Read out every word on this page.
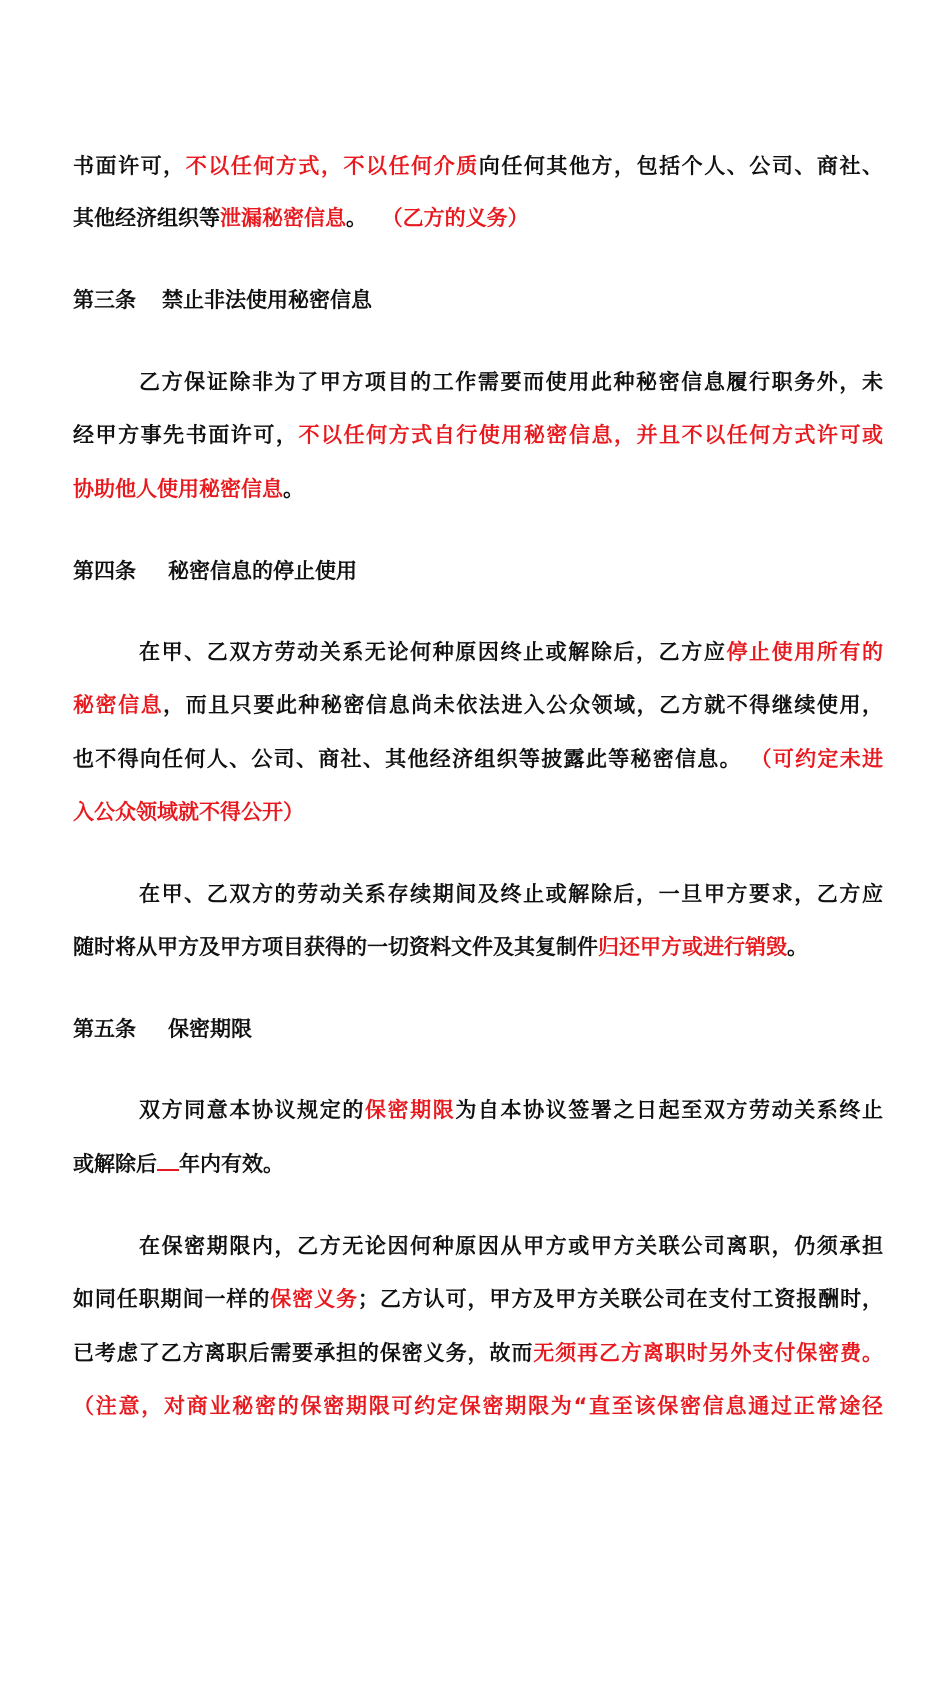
书面许可，不以任何方式，不以任何介质向任何其他方，包括个人、公司、商社、
其他经济组织等泄漏秘密信息。 （乙方的义务）
第三条 禁止非法使用秘密信息
乙方保证除非为了甲方项目的工作需要而使用此种秘密信息履行职务外，未
经甲方事先书面许可，不以任何方式自行使用秘密信息，并且不以任何方式许可或
协助他人使用秘密信息。
第四条 秘密信息的停止使用
在甲、乙双方劳动关系无论何种原因终止或解除后，乙方应停止使用所有的
秘密信息，而且只要此种秘密信息尚未依法进入公众领域，乙方就不得继续使用，
也不得向任何人、公司、商社、其他经济组织等披露此等秘密信息。 （可约定未进
入公众领域就不得公开）
在甲、乙双方的劳动关系存续期间及终止或解除后，一旦甲方要求，乙方应
随时将从甲方及甲方项目获得的一切资料文件及其复制件归还甲方或进行销毁。
第五条 保密期限
双方同意本协议规定的保密期限为自本协议签署之日起至双方劳动关系终止
或解除后 年内有效。
在保密期限内，乙方无论因何种原因从甲方或甲方关联公司离职，仍须承担
如同任职期间一样的保密义务；乙方认可，甲方及甲方关联公司在支付工资报酬时，
已考虑了乙方离职后需要承担的保密义务，故而无须再乙方离职时另外支付保密费。
（注意，对商业秘密的保密期限可约定保密期限为“直至该保密信息通过正常途径
